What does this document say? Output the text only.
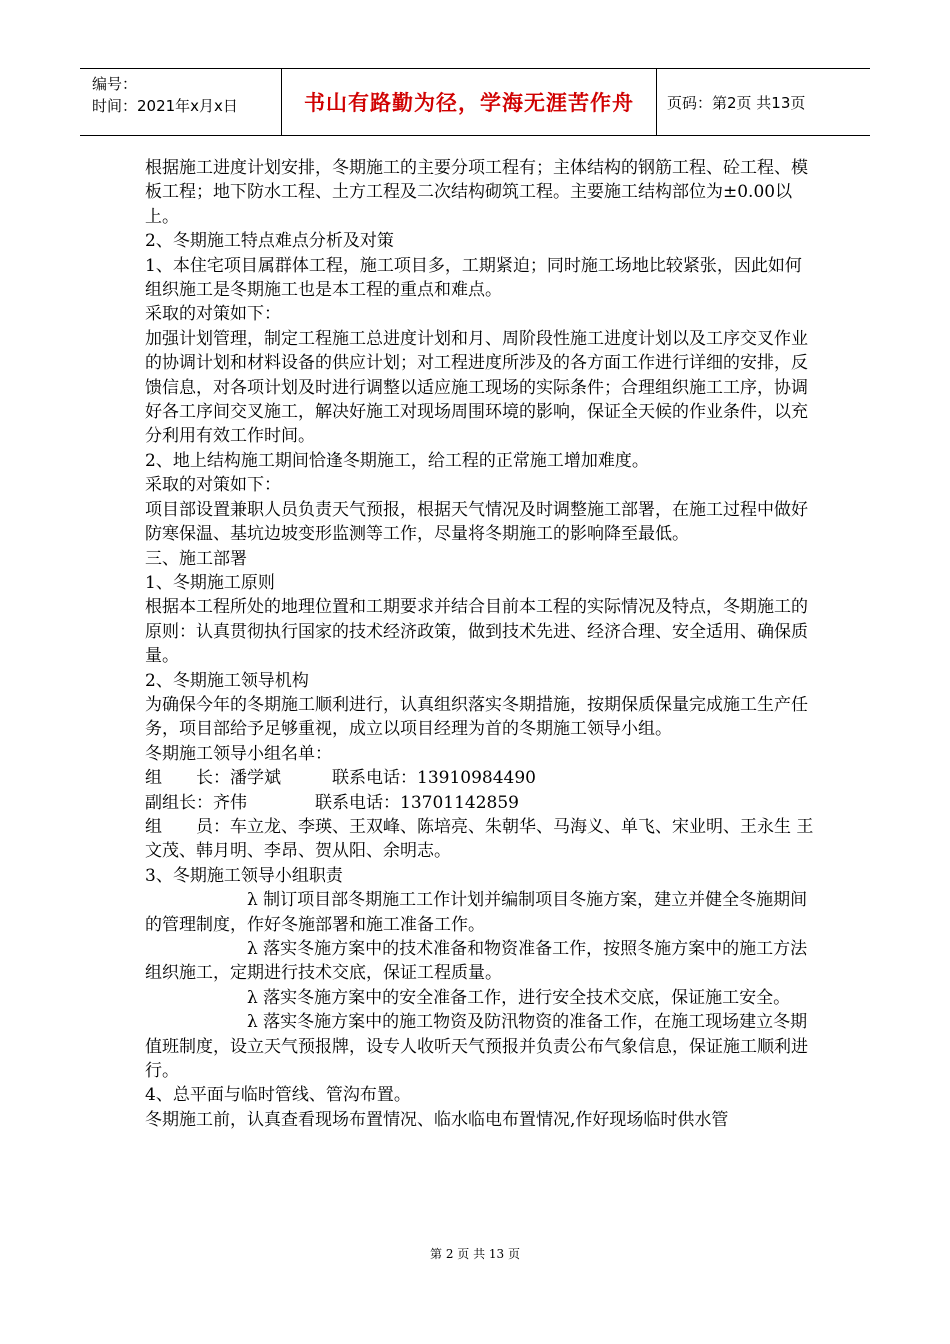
编号：
时间：2021年x月x日	书山有路勤为径，学海无涯苦作舟 页码：第2页 共13页

根据施工进度计划安排，冬期施工的主要分项工程有；主体结构的钢筋工程、砼工程、模板工程；地下防水工程、土方工程及二次结构砌筑工程。主要施工结构部位为±0.00以上。

2、冬期施工特点难点分析及对策

1、本住宅项目属群体工程，施工项目多，工期紧迫；同时施工场地比较紧张，因此如何组织施工是冬期施工也是本工程的重点和难点。

采取的对策如下：

加强计划管理，制定工程施工总进度计划和月、周阶段性施工进度计划以及工序交叉作业的协调计划和材料设备的供应计划；对工程进度所涉及的各方面工作进行详细的安排，反馈信息，对各项计划及时进行调整以适应施工现场的实际条件；合理组织施工工序，协调好各工序间交叉施工，解决好施工对现场周围环境的影响，保证全天候的作业条件，以充分利用有效工作时间。

2、地上结构施工期间恰逢冬期施工，给工程的正常施工增加难度。

采取的对策如下：

项目部设置兼职人员负责天气预报，根据天气情况及时调整施工部署，在施工过程中做好防寒保温、基坑边坡变形监测等工作，尽量将冬期施工的影响降至最低。

三、施工部署

1、冬期施工原则

根据本工程所处的地理位置和工期要求并结合目前本工程的实际情况及特点，冬期施工的原则：认真贯彻执行国家的技术经济政策，做到技术先进、经济合理、安全适用、确保质量。

2、冬期施工领导机构

为确保今年的冬期施工顺利进行，认真组织落实冬期措施，按期保质保量完成施工生产任务，项目部给予足够重视，成立以项目经理为首的冬期施工领导小组。

冬期施工领导小组名单：

组　　长：潘学斌　　　联系电话：13910984490

副组长：齐伟　　　　联系电话：13701142859

组　　员：车立龙、李瑛、王双峰、陈培亮、朱朝华、马海义、单飞、宋业明、王永生 王文茂、韩月明、李昂、贺从阳、余明志。

3、冬期施工领导小组职责

λ 制订项目部冬期施工工作计划并编制项目冬施方案，建立并健全冬施期间的管理制度，作好冬施部署和施工准备工作。

λ 落实冬施方案中的技术准备和物资准备工作，按照冬施方案中的施工方法组织施工，定期进行技术交底，保证工程质量。

λ 落实冬施方案中的安全准备工作，进行安全技术交底，保证施工安全。

λ 落实冬施方案中的施工物资及防汛物资的准备工作，在施工现场建立冬期值班制度，设立天气预报牌，设专人收听天气预报并负责公布气象信息，保证施工顺利进行。

4、总平面与临时管线、管沟布置。

冬期施工前，认真查看现场布置情况、临水临电布置情况,作好现场临时供水管

第 2 页 共 13 页
